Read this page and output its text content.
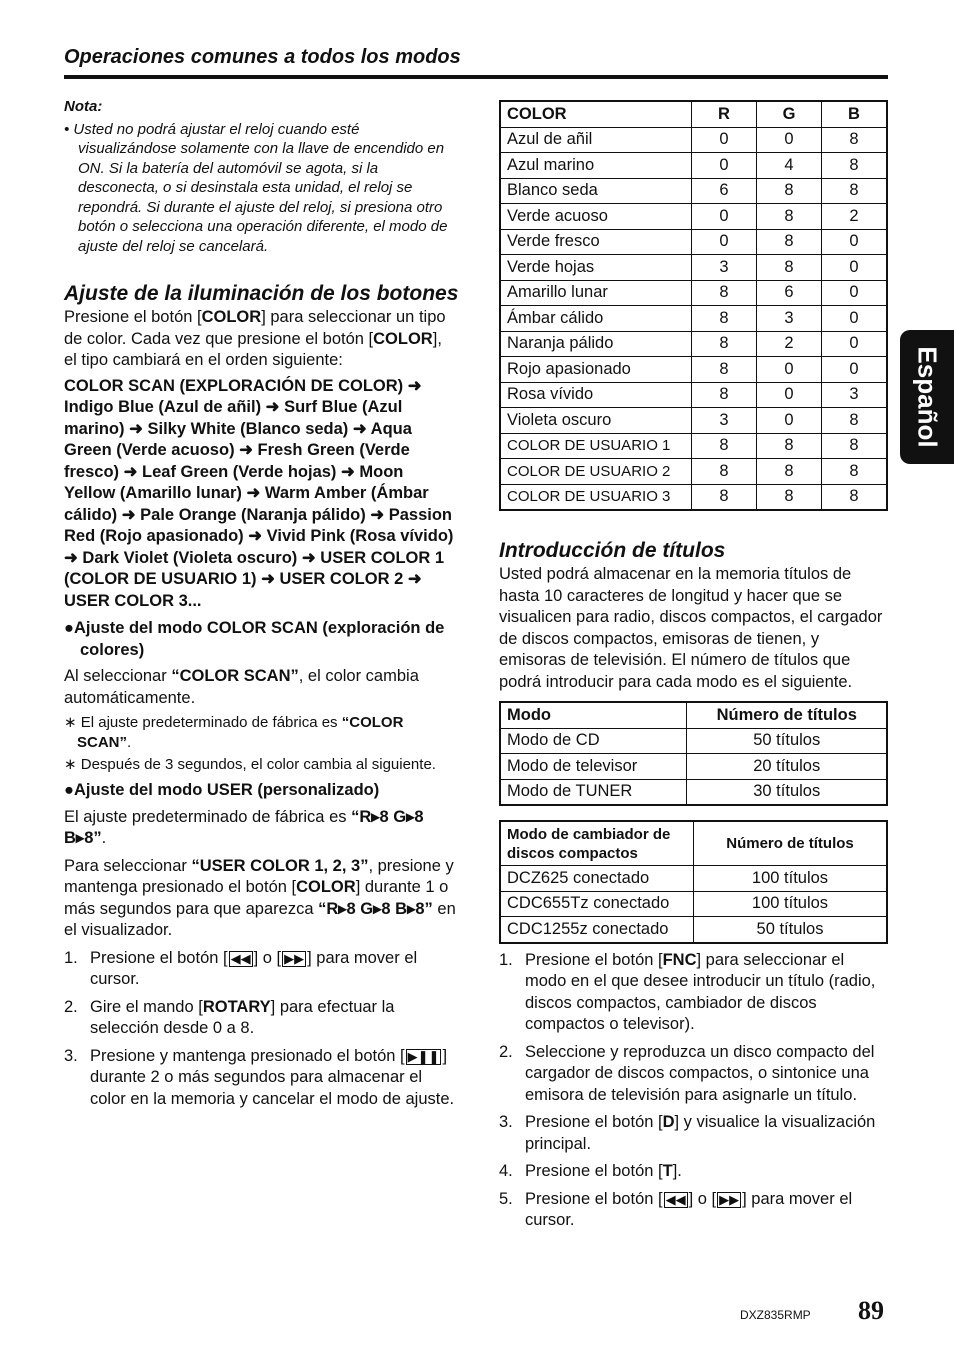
Operaciones comunes a todos los modos
Español
Nota:
• Usted no podrá ajustar el reloj cuando esté visualizándose solamente con la llave de encendido en ON. Si la batería del automóvil se agota, si la desconecta, o si desinstala esta unidad, el reloj se repondrá. Si durante el ajuste del reloj, si presiona otro botón o selecciona una operación diferente, el modo de ajuste del reloj se cancelará.
Ajuste de la iluminación de los botones

Presione el botón [COLOR] para seleccionar un tipo de color. Cada vez que presione el botón [COLOR], el tipo cambiará en el orden siguiente:

COLOR SCAN (EXPLORACIÓN DE COLOR) ➜ Indigo Blue (Azul de añil) ➜ Surf Blue (Azul marino) ➜ Silky White (Blanco seda) ➜ Aqua Green (Verde acuoso) ➜ Fresh Green (Verde fresco) ➜ Leaf Green (Verde hojas) ➜ Moon Yellow (Amarillo lunar) ➜ Warm Amber (Ámbar cálido) ➜ Pale Orange (Naranja pálido) ➜ Passion Red (Rojo apasionado) ➜ Vivid Pink (Rosa vívido) ➜ Dark Violet (Violeta oscuro) ➜ USER COLOR 1 (COLOR DE USUARIO 1) ➜ USER COLOR 2 ➜ USER COLOR 3...

●Ajuste del modo COLOR SCAN (exploración de colores)

Al seleccionar “COLOR SCAN”, el color cambia automáticamente.

∗ El ajuste predeterminado de fábrica es “COLOR SCAN”.

∗ Después de 3 segundos, el color cambia al siguiente.

●Ajuste del modo USER (personalizado)

El ajuste predeterminado de fábrica es “R▸8 G▸8 B▸8”.

Para seleccionar “USER COLOR 1, 2, 3”, presione y mantenga presionado el botón [COLOR] durante 1 o más segundos para que aparezca “R▸8 G▸8 B▸8” en el visualizador.

1. Presione el botón [ ◀◀ ] o [ ▶▶ ] para mover el cursor.
2. Gire el mando [ROTARY] para efectuar la selección desde 0 a 8.
3. Presione y mantenga presionado el botón [ ▶❚❚ ] durante 2 o más segundos para almacenar el color en la memoria y cancelar el modo de ajuste.
COLOR	R	G	B
Azul de añil	0	0	8
Azul marino	0	4	8
Blanco seda	6	8	8
Verde acuoso	0	8	2
Verde fresco	0	8	0
Verde hojas	3	8	0
Amarillo lunar	8	6	0
Ámbar cálido	8	3	0
Naranja pálido	8	2	0
Rojo apasionado	8	0	0
Rosa vívido	8	0	3
Violeta oscuro	3	0	8
COLOR DE USUARIO 1	8	8	8
COLOR DE USUARIO 2	8	8	8
COLOR DE USUARIO 3	8	8	8
Introducción de títulos

Usted podrá almacenar en la memoria títulos de hasta 10 caracteres de longitud y hacer que se visualicen para radio, discos compactos, el cargador de discos compactos, emisoras de tienen, y emisoras de televisión. El número de títulos que podrá introducir para cada modo es el siguiente.

Modo	Número de títulos
Modo de CD	50 títulos
Modo de televisor	20 títulos
Modo de TUNER	30 títulos
Modo de cambiador de discos compactos	Número de títulos
DCZ625 conectado	100 títulos
CDC655Tz conectado	100 títulos
CDC1255z conectado	50 títulos
1. Presione el botón [FNC] para seleccionar el modo en el que desee introducir un título (radio, discos compactos, cambiador de discos compactos o televisor).
2. Seleccione y reproduzca un disco compacto del cargador de discos compactos, o sintonice una emisora de televisión para asignarle un título.
3. Presione el botón [D] y visualice la visualización principal.
4. Presione el botón [T].
5. Presione el botón [ ◀◀ ] o [ ▶▶ ] para mover el cursor.
DXZ835RMP 89
